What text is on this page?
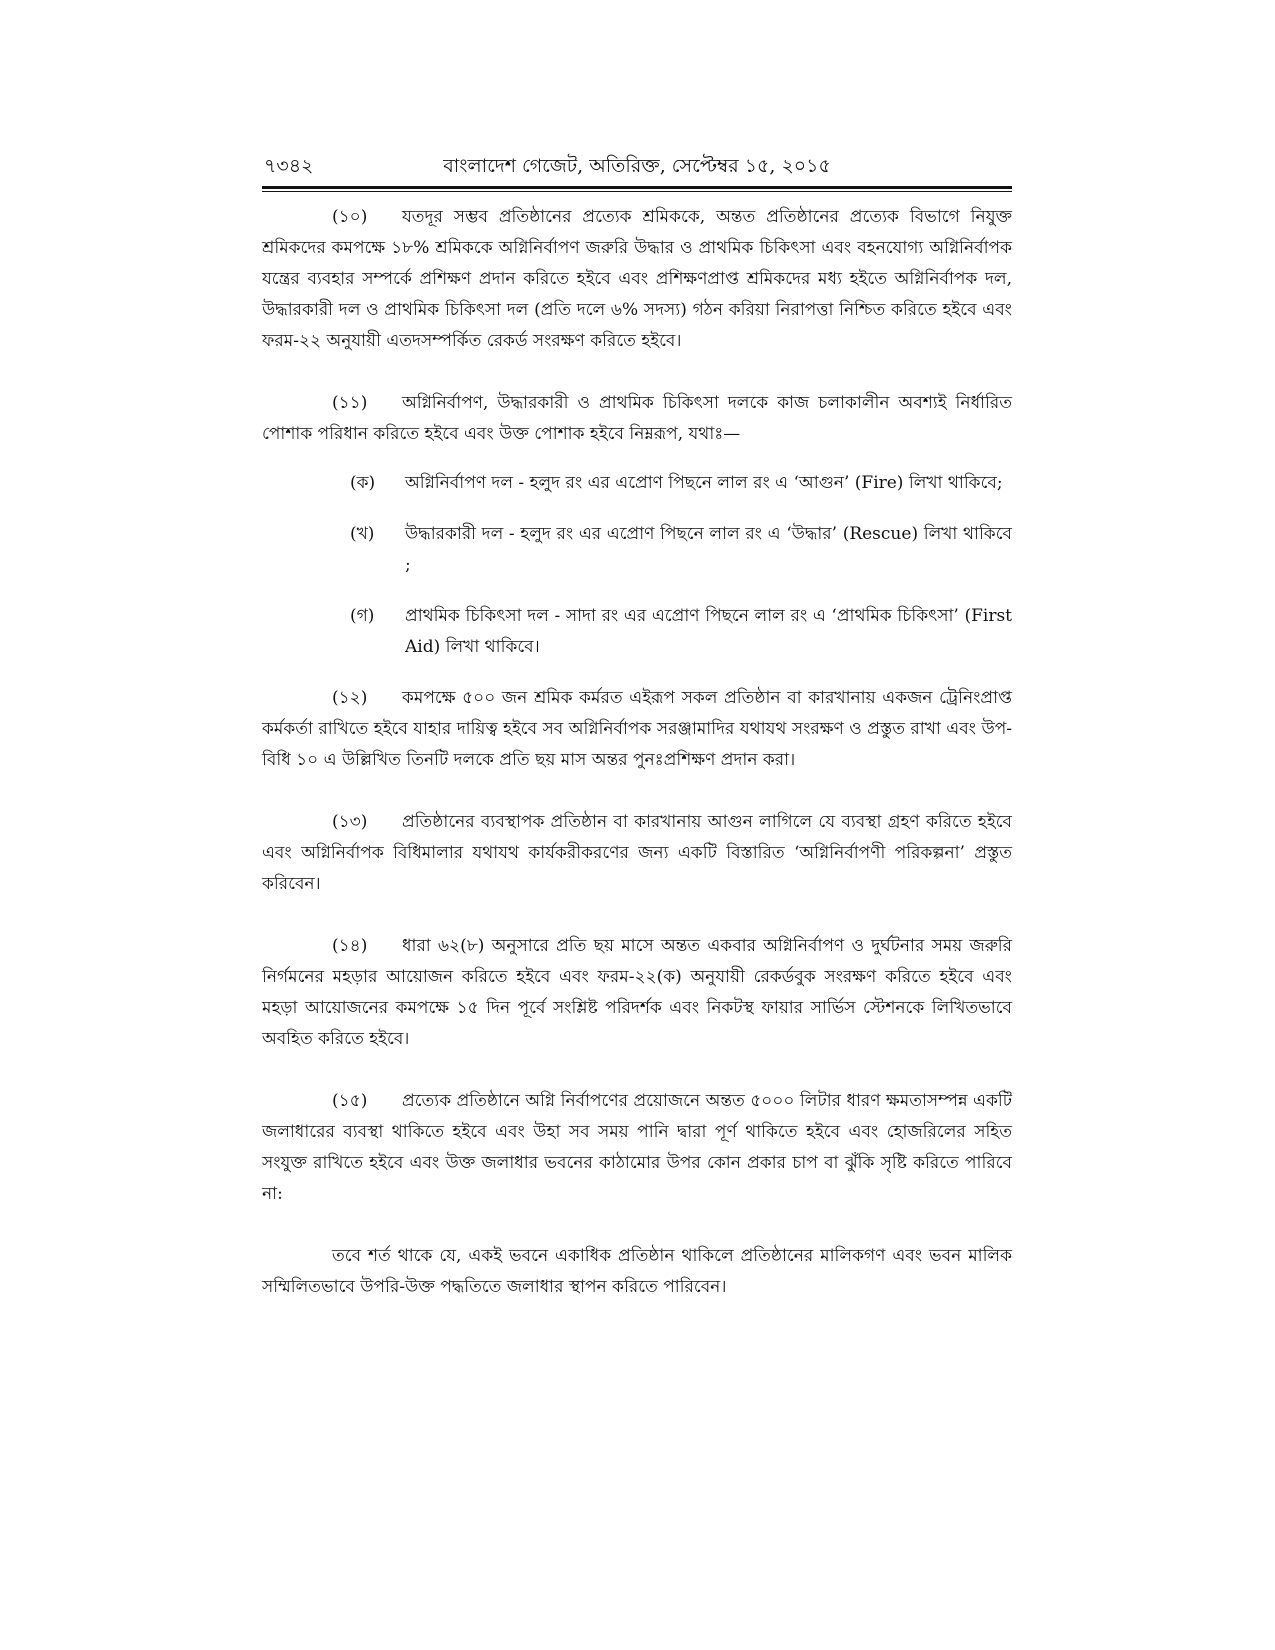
৭৩৪২	বাংলাদেশ গেজেট, অতিরিক্ত, সেপ্টেম্বর ১৫, ২০১৫

(১০) যতদূর সম্ভব প্রতিষ্ঠানের প্রত্যেক শ্রমিককে, অন্তত প্রতিষ্ঠানের প্রত্যেক বিভাগে নিযুক্ত শ্রমিকদের কমপক্ষে ১৮% শ্রমিককে অগ্নিনির্বাপণ জরুরি উদ্ধার ও প্রাথমিক চিকিৎসা এবং বহনযোগ্য অগ্নিনির্বাপক যন্ত্রের ব্যবহার সম্পর্কে প্রশিক্ষণ প্রদান করিতে হইবে এবং প্রশিক্ষণপ্রাপ্ত শ্রমিকদের মধ্য হইতে অগ্নিনির্বাপক দল, উদ্ধারকারী দল ও প্রাথমিক চিকিৎসা দল (প্রতি দলে ৬% সদস্য) গঠন করিয়া নিরাপত্তা নিশ্চিত করিতে হইবে এবং ফরম-২২ অনুযায়ী এতদসম্পর্কিত রেকর্ড সংরক্ষণ করিতে হইবে।

(১১) অগ্নিনির্বাপণ, উদ্ধারকারী ও প্রাথমিক চিকিৎসা দলকে কাজ চলাকালীন অবশ্যই নির্ধারিত পোশাক পরিধান করিতে হইবে এবং উক্ত পোশাক হইবে নিম্নরূপ, যথাঃ—

(ক)	অগ্নিনির্বাপণ দল - হলুদ রং এর এপ্রোণ পিছনে লাল রং এ ‘আগুন’ (Fire) লিখা থাকিবে;
(খ)	উদ্ধারকারী দল - হলুদ রং এর এপ্রোণ পিছনে লাল রং এ ‘উদ্ধার’ (Rescue) লিখা থাকিবে ;
(গ)	প্রাথমিক চিকিৎসা দল - সাদা রং এর এপ্রোণ পিছনে লাল রং এ ‘প্রাথমিক চিকিৎসা’ (First Aid) লিখা থাকিবে।

(১২) কমপক্ষে ৫০০ জন শ্রমিক কর্মরত এইরূপ সকল প্রতিষ্ঠান বা কারখানায় একজন ট্রেনিংপ্রাপ্ত কর্মকর্তা রাখিতে হইবে যাহার দায়িত্ব হইবে সব অগ্নিনির্বাপক সরঞ্জামাদির যথাযথ সংরক্ষণ ও প্রস্তুত রাখা এবং উপ-বিধি ১০ এ উল্লিখিত তিনটি দলকে প্রতি ছয় মাস অন্তর পুনঃপ্রশিক্ষণ প্রদান করা।

(১৩) প্রতিষ্ঠানের ব্যবস্থাপক প্রতিষ্ঠান বা কারখানায় আগুন লাগিলে যে ব্যবস্থা গ্রহণ করিতে হইবে এবং অগ্নিনির্বাপক বিধিমালার যথাযথ কার্যকরীকরণের জন্য একটি বিস্তারিত ‘অগ্নিনির্বাপণী পরিকল্পনা’ প্রস্তুত করিবেন।

(১৪) ধারা ৬২(৮) অনুসারে প্রতি ছয় মাসে অন্তত একবার অগ্নিনির্বাপণ ও দুর্ঘটনার সময় জরুরি নির্গমনের মহড়ার আয়োজন করিতে হইবে এবং ফরম-২২(ক) অনুযায়ী রেকর্ডবুক সংরক্ষণ করিতে হইবে এবং মহড়া আয়োজনের কমপক্ষে ১৫ দিন পূর্বে সংশ্লিষ্ট পরিদর্শক এবং নিকটস্থ ফায়ার সার্ভিস স্টেশনকে লিখিতভাবে অবহিত করিতে হইবে।

(১৫) প্রত্যেক প্রতিষ্ঠানে অগ্নি নির্বাপণের প্রয়োজনে অন্তত ৫০০০ লিটার ধারণ ক্ষমতাসম্পন্ন একটি জলাধারের ব্যবস্থা থাকিতে হইবে এবং উহা সব সময় পানি দ্বারা পূর্ণ থাকিতে হইবে এবং হোজরিলের সহিত সংযুক্ত রাখিতে হইবে এবং উক্ত জলাধার ভবনের কাঠামোর উপর কোন প্রকার চাপ বা ঝুঁকি সৃষ্টি করিতে পারিবে না:

তবে শর্ত থাকে যে, একই ভবনে একাধিক প্রতিষ্ঠান থাকিলে প্রতিষ্ঠানের মালিকগণ এবং ভবন মালিক সম্মিলিতভাবে উপরি-উক্ত পদ্ধতিতে জলাধার স্থাপন করিতে পারিবেন।
